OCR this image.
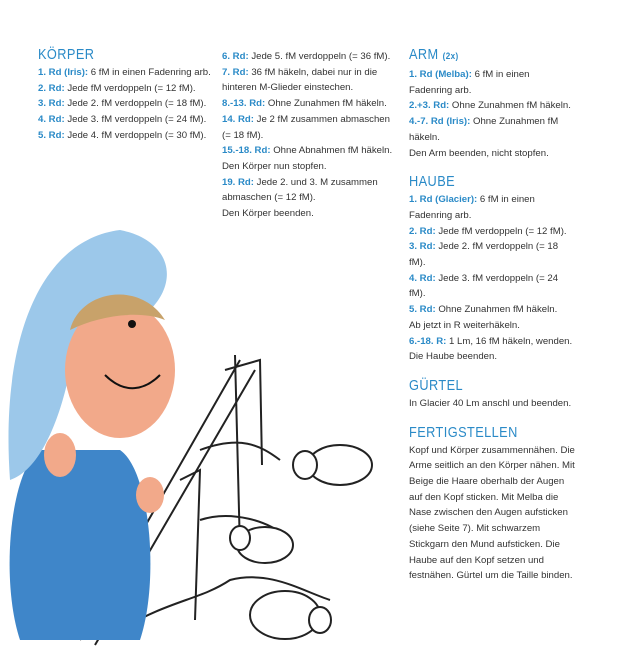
KÖRPER

1. Rd (Iris): 6 fM in einen Fadenring arb.

2. Rd: Jede fM verdoppeln (= 12 fM).

3. Rd: Jede 2. fM verdoppeln (= 18 fM).

4. Rd: Jede 3. fM verdoppeln (= 24 fM).

5. Rd: Jede 4. fM verdoppeln (= 30 fM).

6. Rd: Jede 5. fM verdoppeln (= 36 fM).

7. Rd: 36 fM häkeln, dabei nur in die hinteren M-Glieder einstechen.

8.-13. Rd: Ohne Zunahmen fM häkeln.

14. Rd: Je 2 fM zusammen abmaschen (= 18 fM).

15.-18. Rd: Ohne Abnahmen fM häkeln.

Den Körper nun stopfen.

19. Rd: Jede 2. und 3. M zusammen abmaschen (= 12 fM).

Den Körper beenden.

ARM (2x)

1. Rd (Melba): 6 fM in einen Fadenring arb.

2.+3. Rd: Ohne Zunahmen fM häkeln.

4.-7. Rd (Iris): Ohne Zunahmen fM häkeln.

Den Arm beenden, nicht stopfen.

HAUBE

1. Rd (Glacier): 6 fM in einen Fadenring arb.

2. Rd: Jede fM verdoppeln (= 12 fM).

3. Rd: Jede 2. fM verdoppeln (= 18 fM).

4. Rd: Jede 3. fM verdoppeln (= 24 fM).

5. Rd: Ohne Zunahmen fM häkeln.

Ab jetzt in R weiterhäkeln.

6.-18. R: 1 Lm, 16 fM häkeln, wenden.

Die Haube beenden.

GÜRTEL

In Glacier 40 Lm anschl und beenden.

FERTIGSTELLEN

Kopf und Körper zusammennähen. Die Arme seitlich an den Körper nähen. Mit Beige die Haare oberhalb der Augen auf den Kopf sticken. Mit Melba die Nase zwischen den Augen aufsticken (siehe Seite 7). Mit schwarzem Stickgarn den Mund aufsticken. Die Haube auf den Kopf setzen und festnähen. Gürtel um die Taille binden.
